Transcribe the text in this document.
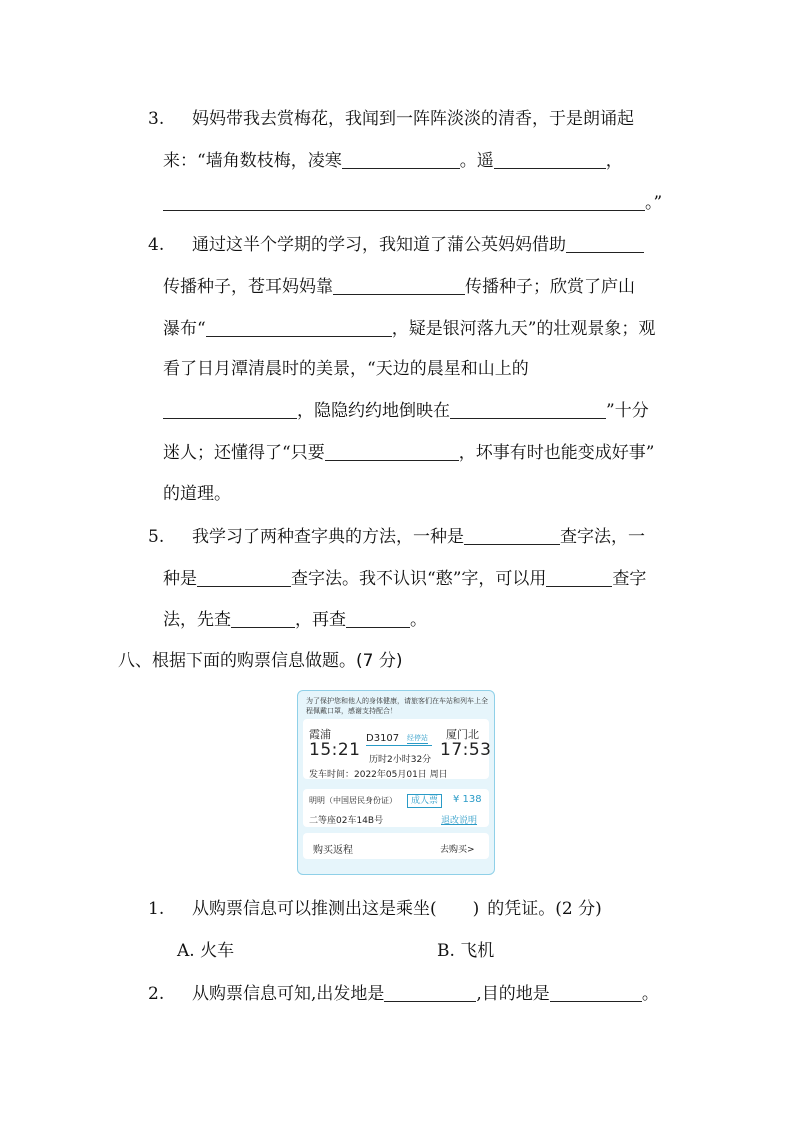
3. 妈妈带我去赏梅花，我闻到一阵阵淡淡的清香，于是朗诵起
来：“墙角数枝梅，凌寒	。遥	，
。”
4. 通过这半个学期的学习，我知道了蒲公英妈妈借助
传播种子，苍耳妈妈靠	传播种子；欣赏了庐山
瀑布“	，疑是银河落九天”的壮观景象；观
看了日月潭清晨时的美景，“天边的晨星和山上的
，隐隐约约地倒映在	”十分
迷人；还懂得了“只要	，坏事有时也能变成好事”
的道理。
5. 我学习了两种查字典的方法，一种是	查字法，一
种是	查字法。我不认识“憨”字，可以用	查字
法，先查	，再查	。
八、根据下面的购票信息做题。(7 分)
为了保护您和他人的身体健康，请旅客们在车站和列车上全程佩戴口罩，感谢支持配合！
霞浦
15:21
D3107 经停站
历时2小时32分
厦门北
17:53
发车时间：2022年05月01日 周日
明明（中国居民身份证）	成人票	¥ 138
二等座02车14B号	退改说明
购买返程	去购买>
1. 从购票信息可以推测出这是乘坐( ) 的凭证。(2 分)
A. 火车	B. 飞机
2. 从购票信息可知,出发地是	,目的地是	。
